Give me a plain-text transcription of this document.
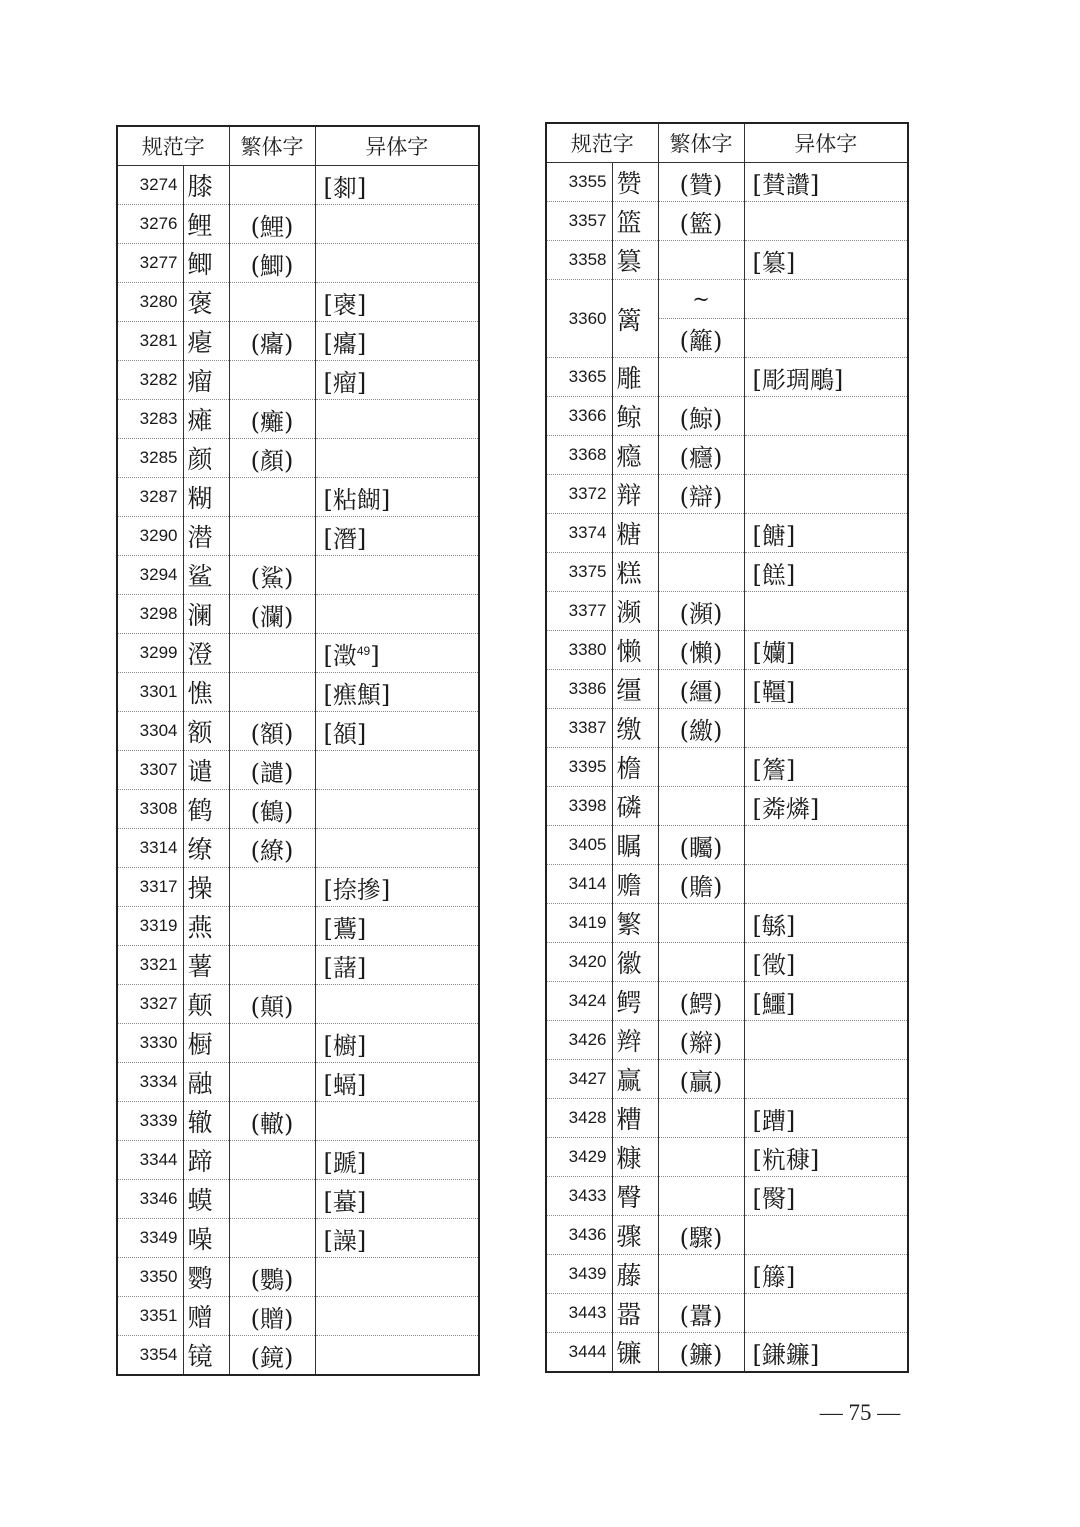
规范字		繁体字	异体字
3274	膝		[厀]
3276	鲤	(鯉)	
3277	鲫	(鯽)	
3280	褒		[襃]
3281	瘪	(癟)	[癟]
3282	瘤		[瘤]
3283	瘫	(癱)	
3285	颜	(顏)	
3287	糊		[粘餬]
3290	潜		[潛]
3294	鲨	(鯊)	
3298	澜	(瀾)	
3299	澄		[澂$^{49}$]
3301	憔		[癄顦]
3304	额	(額)	[頟]
3307	谴	(譴)	
3308	鹤	(鶴)	
3314	缭	(繚)	
3317	操		[捺摻]
3319	燕		[鷰]
3321	薯		[藷]
3327	颠	(顛)	
3330	橱		[櫥]
3334	融		[螎]
3339	辙	(轍)	
3344	蹄		[蹏]
3346	蟆		[蟇]
3349	噪		[譟]
3350	鹦	(鸚)	
3351	赠	(贈)	
3354	镜	(鏡)	
规范字		繁体字	异体字
3355	赞	(贊)	[賛讚]
3357	篮	(籃)	
3358	篡		[簒]
3360	篱	~	
		(籬)	
3365	雕		[彫琱鵰]
3366	鲸	(鯨)	
3368	瘾	(癮)	
3372	辩	(辯)	
3374	糖		[餹]
3375	糕		[餻]
3377	濒	(瀕)	
3380	懒	(懶)	[孏]
3386	缰	(繮)	[韁]
3387	缴	(繳)	
3395	檐		[簷]
3398	磷		[粦燐]
3405	瞩	(矚)	
3414	赡	(贍)	
3419	繁		[緐]
3420	徽		[徵]
3424	鳄	(鰐)	[鱷]
3426	辫	(辮)	
3427	赢	(贏)	
3428	糟		[蹧]
3429	糠		[粇穅]
3433	臀		[臋]
3436	骤	(驟)	
3439	藤		[籐]
3443	嚣	(囂)	
3444	镰	(鐮)	[鎌鐮]
— 75 —
